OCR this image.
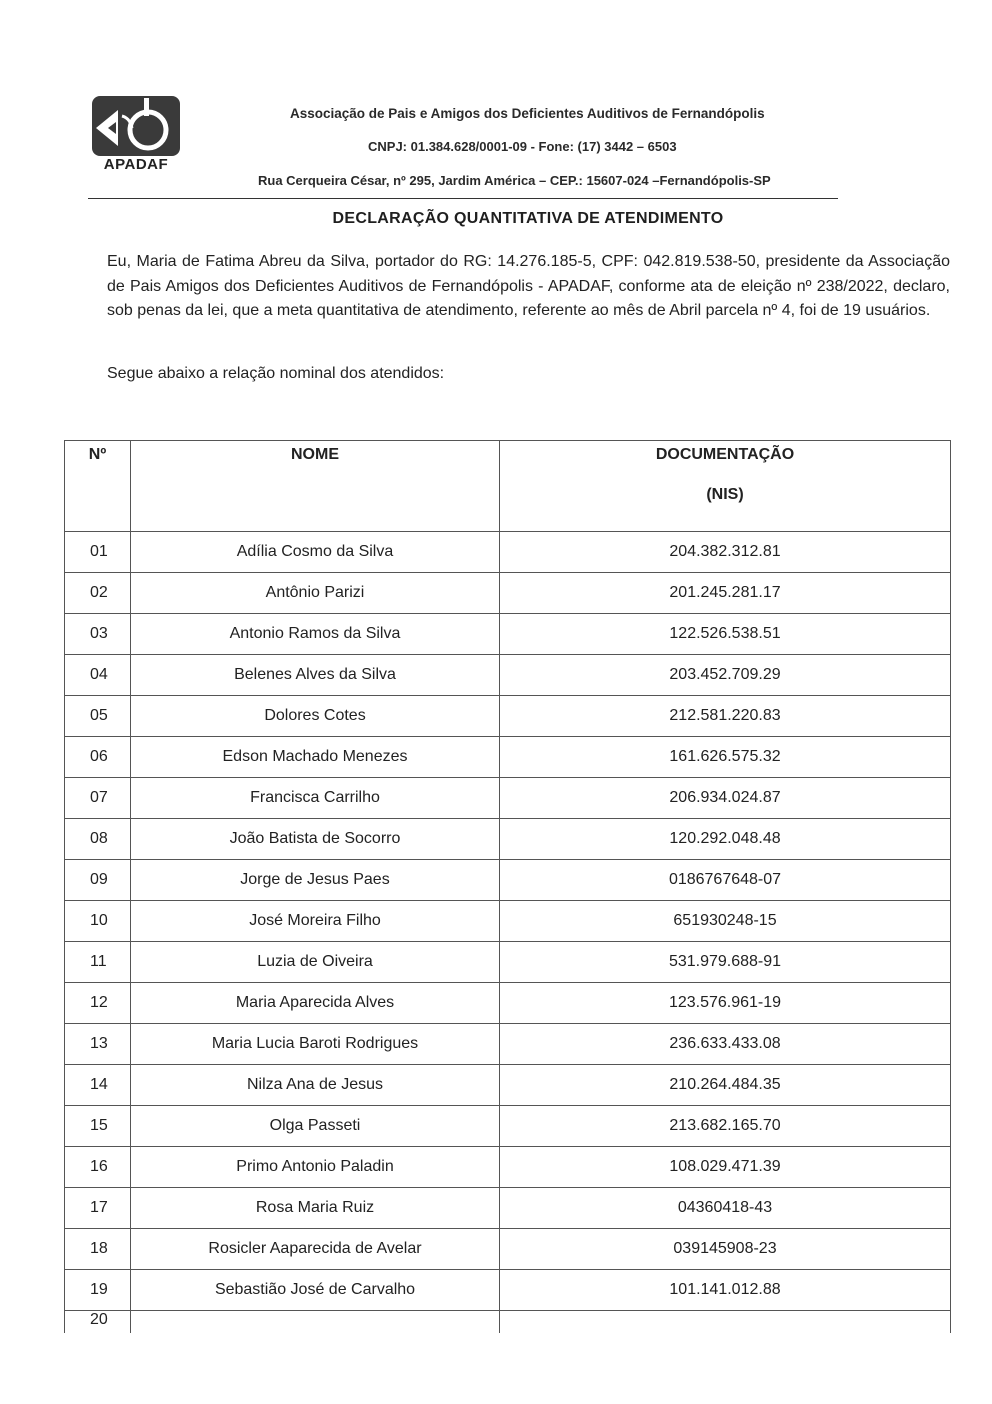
APADAF
Associação de Pais e Amigos dos Deficientes Auditivos de Fernandópolis
CNPJ: 01.384.628/0001-09 - Fone: (17) 3442 – 6503
Rua Cerqueira César, nº 295, Jardim América – CEP.: 15607-024 –Fernandópolis-SP
DECLARAÇÃO QUANTITATIVA DE ATENDIMENTO

Eu, Maria de Fatima Abreu da Silva, portador do RG: 14.276.185-5, CPF: 042.819.538-50, presidente da Associação de Pais Amigos dos Deficientes Auditivos de Fernandópolis - APADAF, conforme ata de eleição nº 238/2022, declaro, sob penas da lei, que a meta quantitativa de atendimento, referente ao mês de Abril parcela nº 4, foi de 19 usuários.

Segue abaixo a relação nominal dos atendidos:
Nº	NOME	DOCUMENTAÇÃO
(NIS)

01	Adília Cosmo da Silva	204.382.312.81
02	Antônio Parizi	201.245.281.17
03	Antonio Ramos da Silva	122.526.538.51
04	Belenes Alves da Silva	203.452.709.29
05	Dolores Cotes	212.581.220.83
06	Edson Machado Menezes	161.626.575.32
07	Francisca Carrilho	206.934.024.87
08	João Batista de Socorro	120.292.048.48
09	Jorge de Jesus Paes	0186767648-07
10	José Moreira Filho	651930248-15
11	Luzia de Oiveira	531.979.688-91
12	Maria Aparecida Alves	123.576.961-19
13	Maria Lucia Baroti Rodrigues	236.633.433.08
14	Nilza Ana de Jesus	210.264.484.35
15	Olga Passeti	213.682.165.70
16	Primo Antonio Paladin	108.029.471.39
17	Rosa Maria Ruiz	04360418-43
18	Rosicler Aaparecida de Avelar	039145908-23
19	Sebastião José de Carvalho	101.141.012.88
20		
